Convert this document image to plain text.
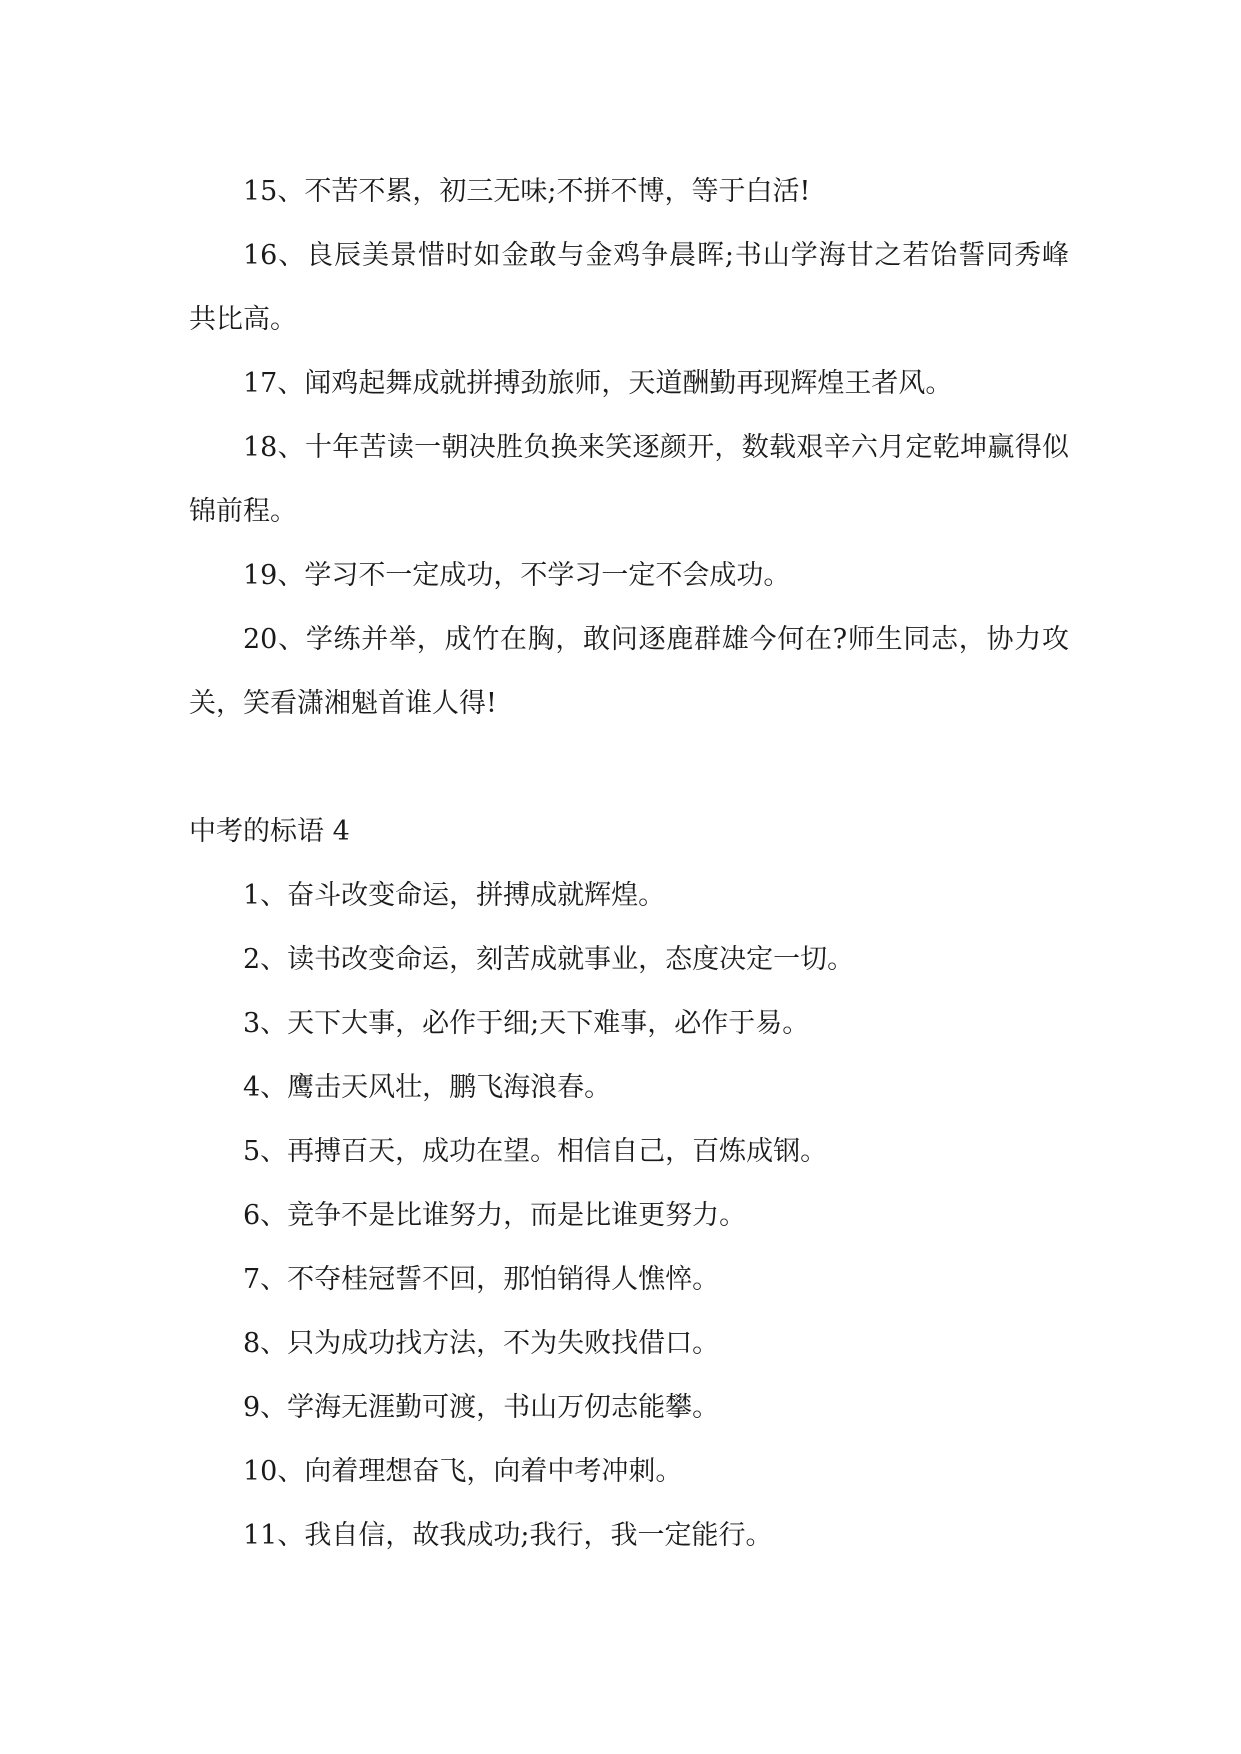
15、不苦不累，初三无味;不拼不博，等于白活!

16、良辰美景惜时如金敢与金鸡争晨晖;书山学海甘之若饴誓同秀峰共比高。

17、闻鸡起舞成就拼搏劲旅师，天道酬勤再现辉煌王者风。

18、十年苦读一朝决胜负换来笑逐颜开，数载艰辛六月定乾坤赢得似锦前程。

19、学习不一定成功，不学习一定不会成功。

20、学练并举，成竹在胸，敢问逐鹿群雄今何在?师生同志，协力攻关，笑看潇湘魁首谁人得!

中考的标语 4

1、奋斗改变命运，拼搏成就辉煌。

2、读书改变命运，刻苦成就事业，态度决定一切。

3、天下大事，必作于细;天下难事，必作于易。

4、鹰击天风壮，鹏飞海浪春。

5、再搏百天，成功在望。相信自己，百炼成钢。

6、竞争不是比谁努力，而是比谁更努力。

7、不夺桂冠誓不回，那怕销得人憔悴。

8、只为成功找方法，不为失败找借口。

9、学海无涯勤可渡，书山万仞志能攀。

10、向着理想奋飞，向着中考冲刺。

11、我自信，故我成功;我行，我一定能行。
